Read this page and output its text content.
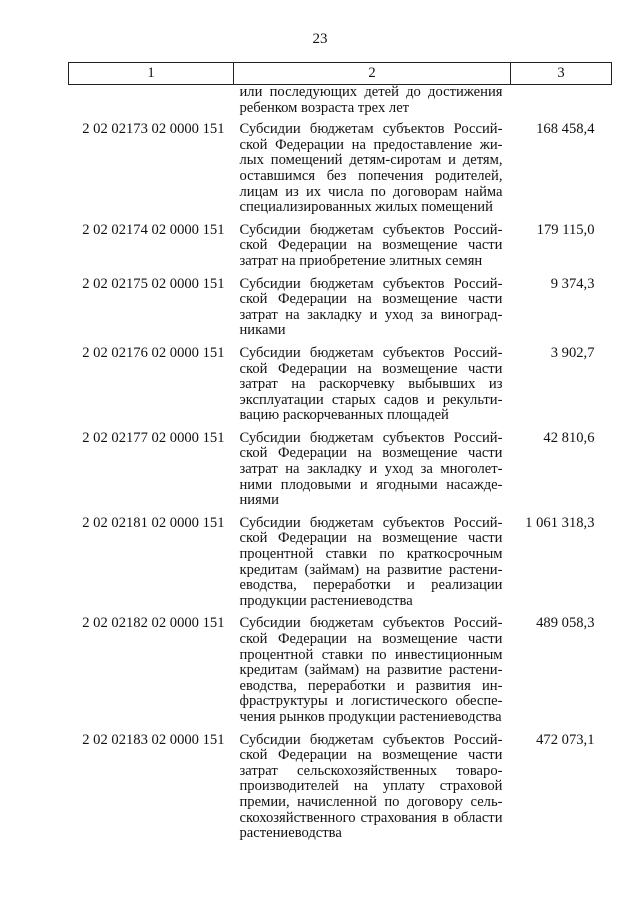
23
1	2	3
	или последующих детей до достижения ребенком возраста трех лет	
2 02 02173 02 0000 151	Субсидии бюджетам субъектов Российской Федерации на предоставление жилых помещений детям-сиротам и детям, оставшимся без попечения родителей, лицам из их числа по договорам найма специализированных жилых помещений	168 458,4
2 02 02174 02 0000 151	Субсидии бюджетам субъектов Российской Федерации на возмещение части затрат на приобретение элитных семян	179 115,0
2 02 02175 02 0000 151	Субсидии бюджетам субъектов Российской Федерации на возмещение части затрат на закладку и уход за виноградниками	9 374,3
2 02 02176 02 0000 151	Субсидии бюджетам субъектов Российской Федерации на возмещение части затрат на раскорчевку выбывших из эксплуатации старых садов и рекультивацию раскорчеванных площадей	3 902,7
2 02 02177 02 0000 151	Субсидии бюджетам субъектов Российской Федерации на возмещение части затрат на закладку и уход за многолетними плодовыми и ягодными насаждениями	42 810,6
2 02 02181 02 0000 151	Субсидии бюджетам субъектов Российской Федерации на возмещение части процентной ставки по краткосрочным кредитам (займам) на развитие растениеводства, переработки и реализации продукции растениеводства	1 061 318,3
2 02 02182 02 0000 151	Субсидии бюджетам субъектов Российской Федерации на возмещение части процентной ставки по инвестиционным кредитам (займам) на развитие растениеводства, переработки и развития инфраструктуры и логистического обеспечения рынков продукции растениеводства	489 058,3
2 02 02183 02 0000 151	Субсидии бюджетам субъектов Российской Федерации на возмещение части затрат сельскохозяйственных товаропроизводителей на уплату страховой премии, начисленной по договору сельскохозяйственного страхования в области растениеводства	472 073,1
